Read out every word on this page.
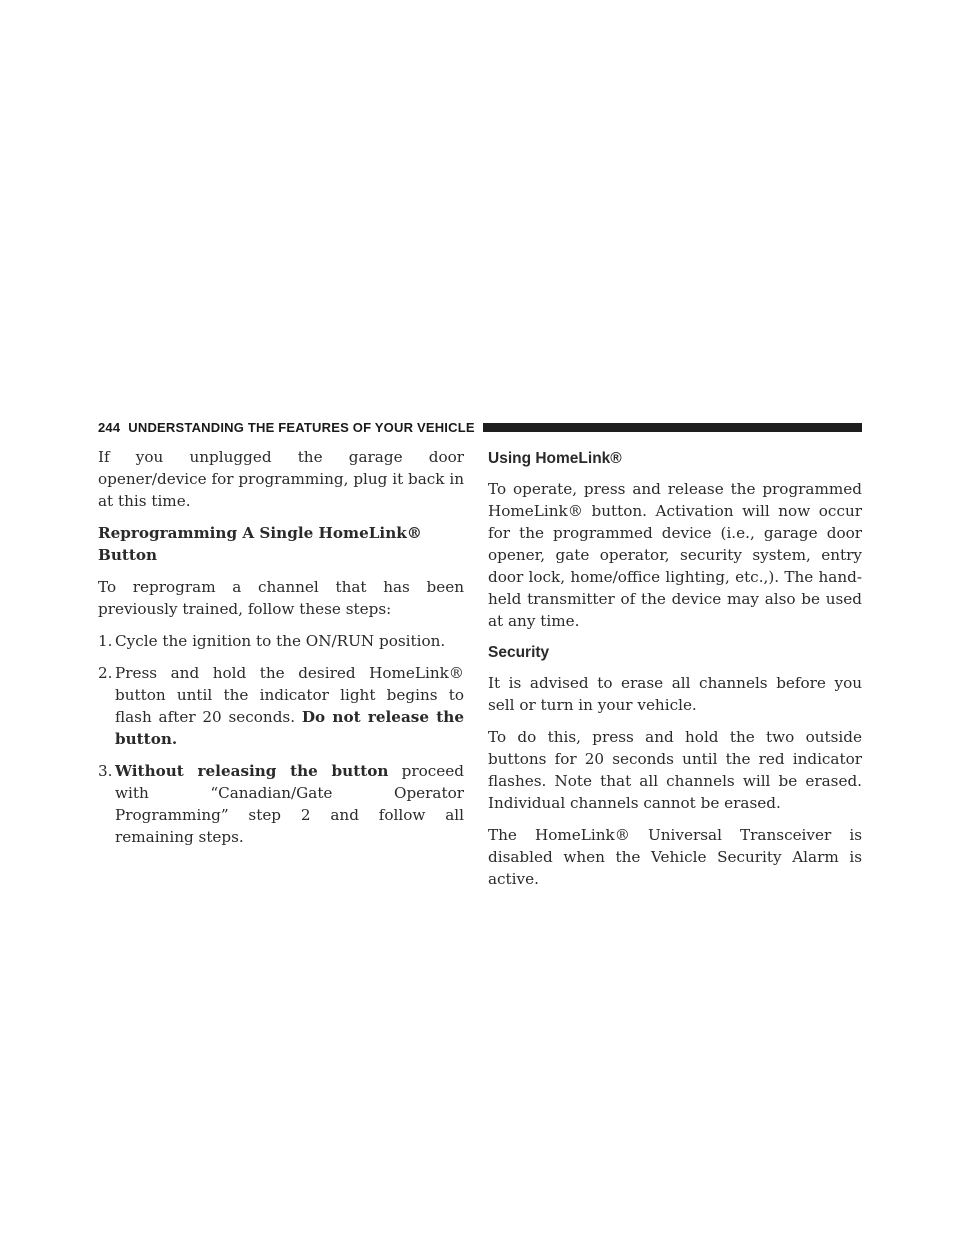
244 UNDERSTANDING THE FEATURES OF YOUR VEHICLE

If you unplugged the garage door opener/device for programming, plug it back in at this time.

Reprogramming A Single HomeLink® Button

To reprogram a channel that has been previously trained, follow these steps:

1. Cycle the ignition to the ON/RUN position.
2. Press and hold the desired HomeLink® button until the indicator light begins to flash after 20 seconds. Do not release the button.
3. Without releasing the button proceed with “Canadian/Gate Operator Programming” step 2 and follow all remaining steps.
Using HomeLink®

To operate, press and release the programmed HomeLink® button. Activation will now occur for the programmed device (i.e., garage door opener, gate operator, security system, entry door lock, home/office lighting, etc.,). The hand-held transmitter of the device may also be used at any time.

Security

It is advised to erase all channels before you sell or turn in your vehicle.

To do this, press and hold the two outside buttons for 20 seconds until the red indicator flashes. Note that all channels will be erased. Individual channels cannot be erased.

The HomeLink® Universal Transceiver is disabled when the Vehicle Security Alarm is active.
